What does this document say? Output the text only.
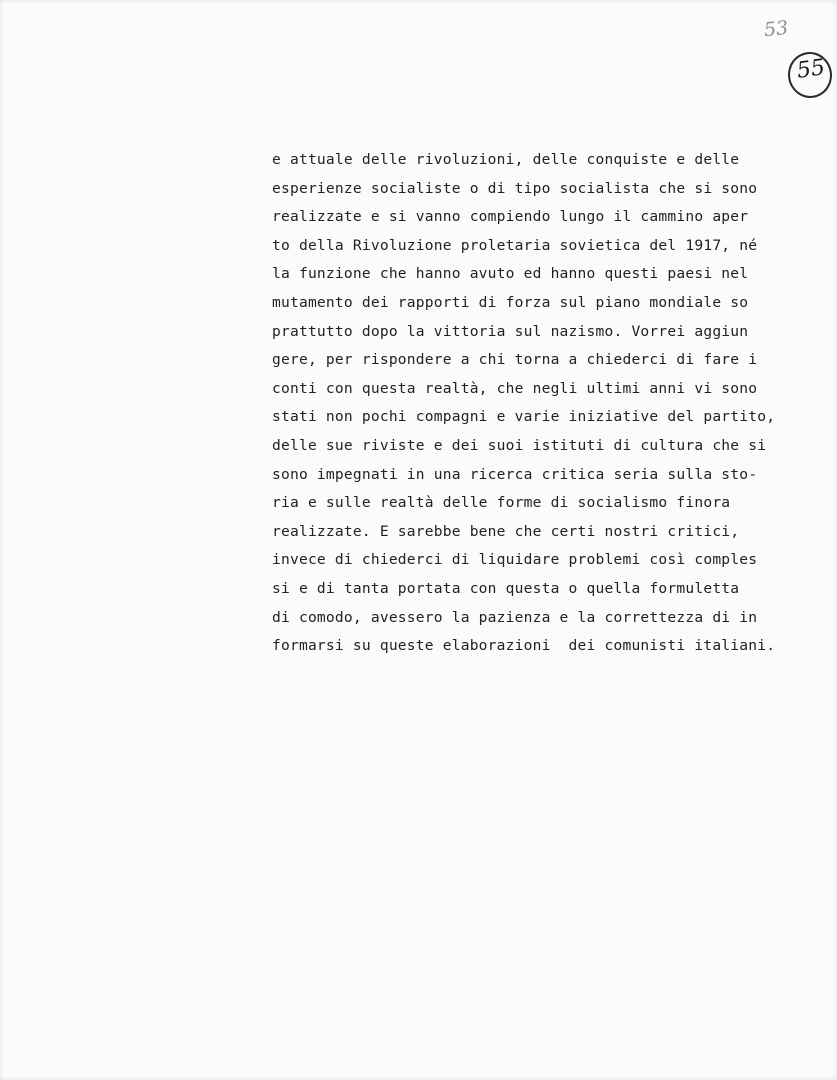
53
55
e attuale delle rivoluzioni, delle conquiste e delle
esperienze socialiste o di tipo socialista che si sono
realizzate e si vanno compiendo lungo il cammino aper
to della Rivoluzione proletaria sovietica del 1917, né
la funzione che hanno avuto ed hanno questi paesi nel
mutamento dei rapporti di forza sul piano mondiale so
prattutto dopo la vittoria sul nazismo. Vorrei aggiun
gere, per rispondere a chi torna a chiederci di fare i
conti con questa realtà, che negli ultimi anni vi sono
stati non pochi compagni e varie iniziative del partito,
delle sue riviste e dei suoi istituti di cultura che si
sono impegnati in una ricerca critica seria sulla sto-
ria e sulle realtà delle forme di socialismo finora
realizzate. E sarebbe bene che certi nostri critici,
invece di chiederci di liquidare problemi così comples
si e di tanta portata con questa o quella formuletta
di comodo, avessero la pazienza e la correttezza di in
formarsi su queste elaborazioni  dei comunisti italiani.
